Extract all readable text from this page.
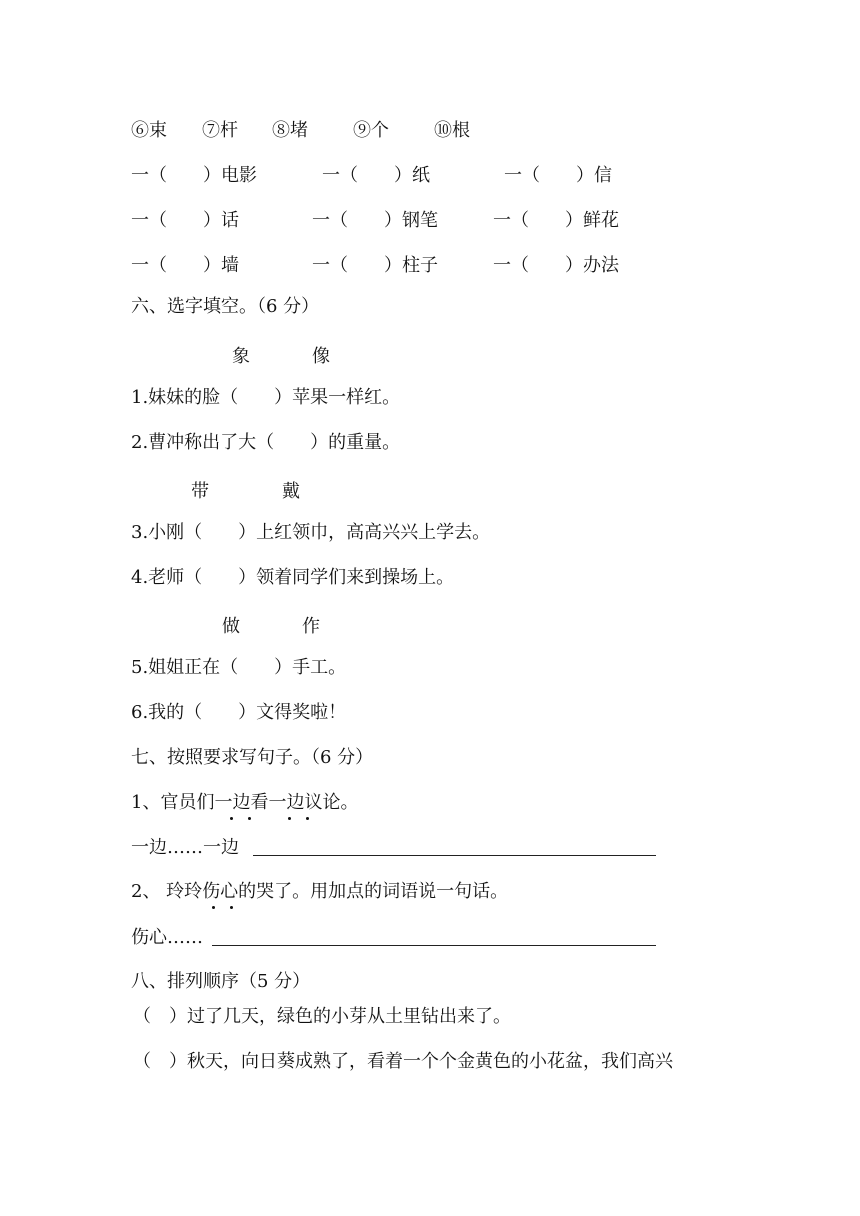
⑥束 ⑦杆 ⑧堵	⑨个	⑩根
一（　　）电影	一（　　）纸	一（　　）信
一（　　）话	一（　　）钢笔	一（　　）鲜花
一（　　）墙	一（　　）柱子	一（　　）办法
六、选字填空。（6 分）
象	像
1.妹妹的脸（　　）苹果一样红。
2.曹冲称出了大（　　）的重量。
带	戴
3.小刚（　　）上红领巾，高高兴兴上学去。
4.老师（　　）领着同学们来到操场上。
做	作
5.姐姐正在（　　）手工。
6.我的（　　）文得奖啦！
七、按照要求写句子。（6 分）
1、官员们一边看一边议论。
一边……一边
2、 玲玲伤心的哭了。用加点的词语说一句话。
伤心……
八、排列顺序（5 分）
（　）过了几天，绿色的小芽从土里钻出来了。
（　）秋天，向日葵成熟了，看着一个个金黄色的小花盆，我们高兴
